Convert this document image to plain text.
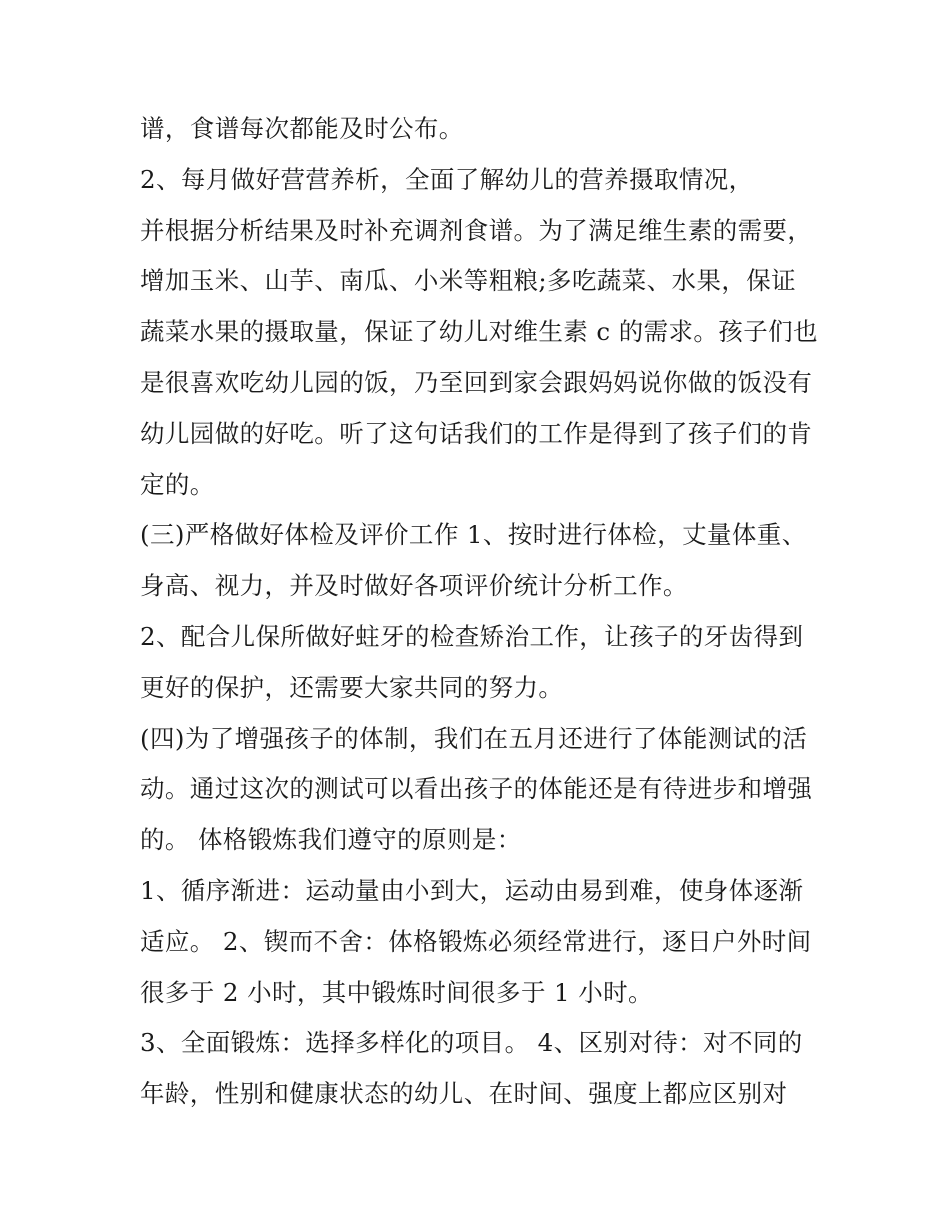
谱，食谱每次都能及时公布。
2、每月做好营营养析，全面了解幼儿的营养摄取情况，
并根据分析结果及时补充调剂食谱。为了满足维生素的需要，
增加玉米、山芋、南瓜、小米等粗粮;多吃蔬菜、水果，保证
蔬菜水果的摄取量，保证了幼儿对维生素 c 的需求。孩子们也
是很喜欢吃幼儿园的饭，乃至回到家会跟妈妈说你做的饭没有
幼儿园做的好吃。听了这句话我们的工作是得到了孩子们的肯
定的。
(三)严格做好体检及评价工作 1、按时进行体检，丈量体重、
身高、视力，并及时做好各项评价统计分析工作。
2、配合儿保所做好蛀牙的检查矫治工作，让孩子的牙齿得到
更好的保护，还需要大家共同的努力。
(四)为了增强孩子的体制，我们在五月还进行了体能测试的活
动。通过这次的测试可以看出孩子的体能还是有待进步和增强
的。 体格锻炼我们遵守的原则是：
1、循序渐进：运动量由小到大，运动由易到难，使身体逐渐
适应。 2、锲而不舍：体格锻炼必须经常进行，逐日户外时间
很多于 2 小时，其中锻炼时间很多于 1 小时。
3、全面锻炼：选择多样化的项目。 4、区别对待：对不同的
年龄，性别和健康状态的幼儿、在时间、强度上都应区别对
